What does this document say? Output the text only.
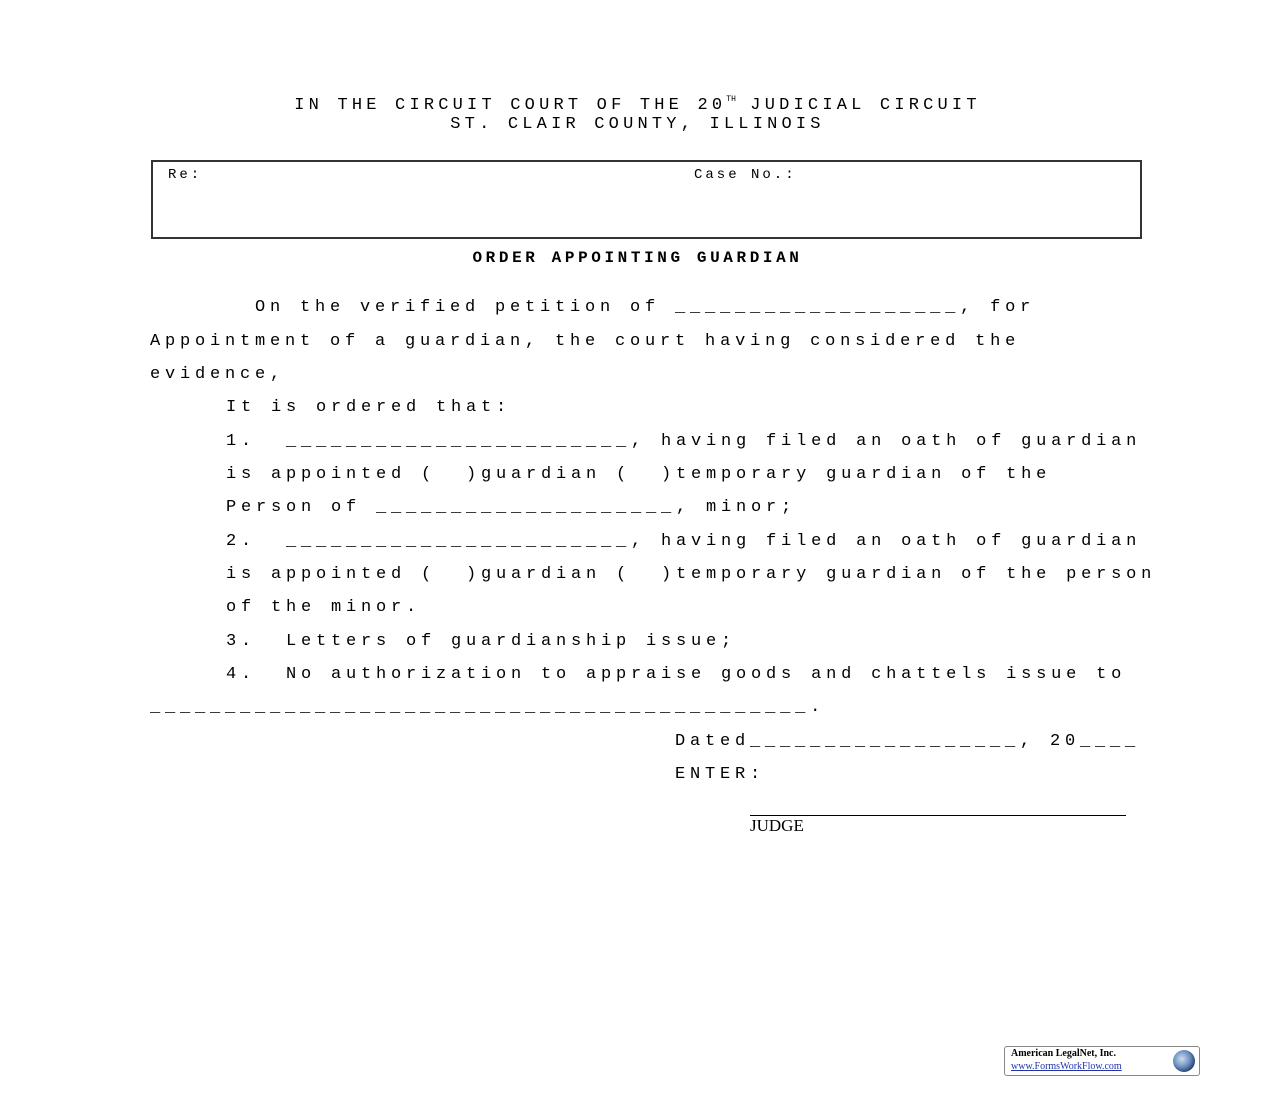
IN THE CIRCUIT COURT OF THE 20TH JUDICIAL CIRCUIT
ST. CLAIR COUNTY, ILLINOIS
Re:	Case No.:
ORDER APPOINTING GUARDIAN
On the verified petition of ___________________, for
Appointment of a guardian, the court having considered the
evidence,
It is ordered that:
1.  _______________________, having filed an oath of guardian
is appointed (  )guardian (  )temporary guardian of the
Person of ____________________, minor;
2.  _______________________, having filed an oath of guardian
is appointed (  )guardian (  )temporary guardian of the person
of the minor.
3.  Letters of guardianship issue;
4.  No authorization to appraise goods and chattels issue to
____________________________________________.
Dated__________________, 20____
ENTER:
JUDGE
American LegalNet, Inc.
www.FormsWorkFlow.com
